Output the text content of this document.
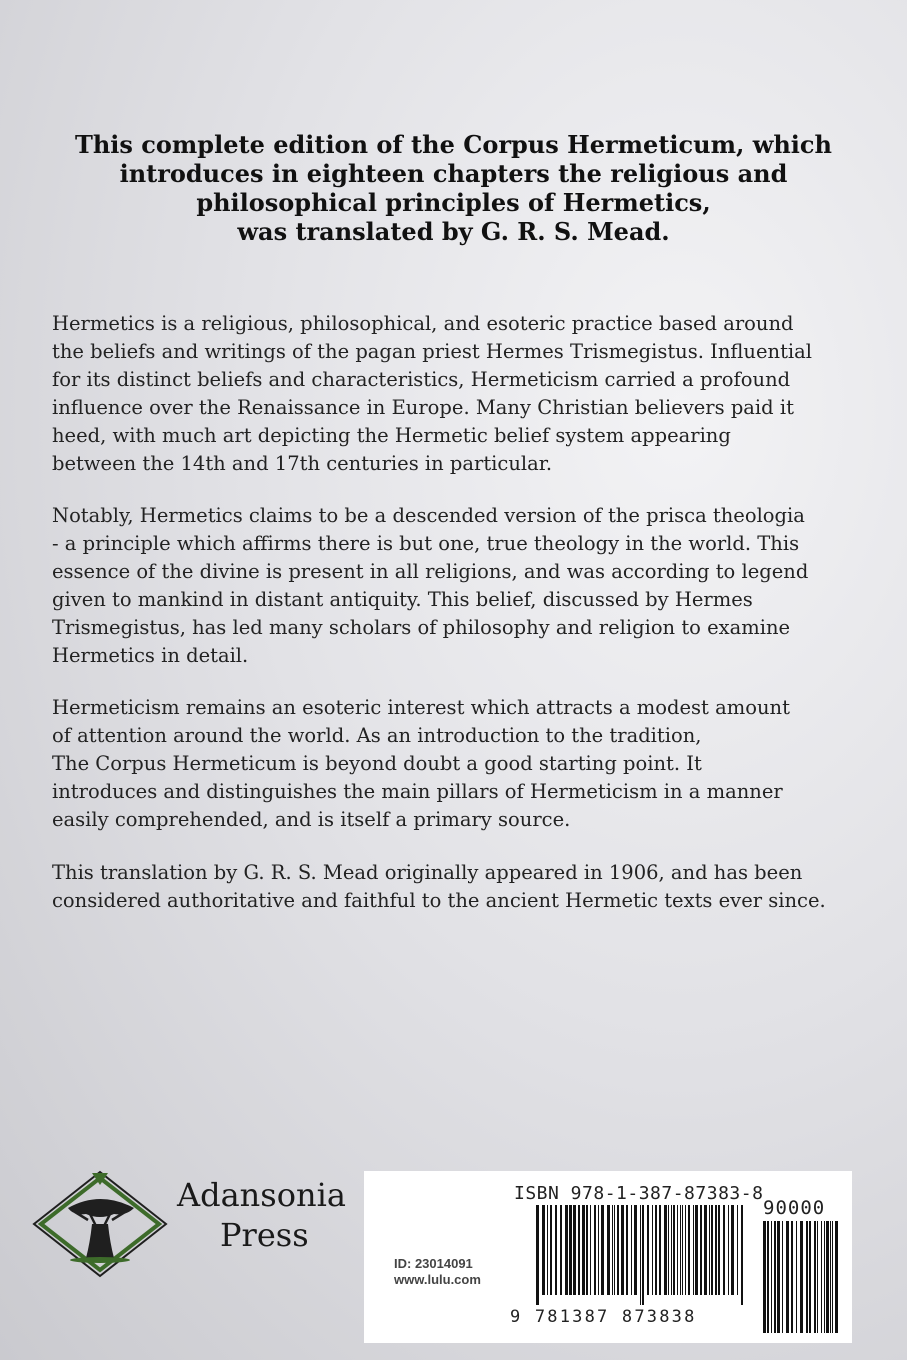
This complete edition of the Corpus Hermeticum, which
introduces in eighteen chapters the religious and
philosophical principles of Hermetics,
was translated by G. R. S. Mead.
Hermetics is a religious, philosophical, and esoteric practice based around
the beliefs and writings of the pagan priest Hermes Trismegistus. Influential
for its distinct beliefs and characteristics, Hermeticism carried a profound
influence over the Renaissance in Europe. Many Christian believers paid it
heed, with much art depicting the Hermetic belief system appearing
between the 14th and 17th centuries in particular.
Notably, Hermetics claims to be a descended version of the prisca theologia
- a principle which affirms there is but one, true theology in the world. This
essence of the divine is present in all religions, and was according to legend
given to mankind in distant antiquity. This belief, discussed by Hermes
Trismegistus, has led many scholars of philosophy and religion to examine
Hermetics in detail.
Hermeticism remains an esoteric interest which attracts a modest amount
of attention around the world. As an introduction to the tradition,
The Corpus Hermeticum is beyond doubt a good starting point. It
introduces and distinguishes the main pillars of Hermeticism in a manner
easily comprehended, and is itself a primary source.
This translation by G. R. S. Mead originally appeared in 1906, and has been
considered authoritative and faithful to the ancient Hermetic texts ever since.
Adansonia
Press
ISBN 978-1-387-87383-8
9 781387 873838
90000
ID: 23014091
www.lulu.com
